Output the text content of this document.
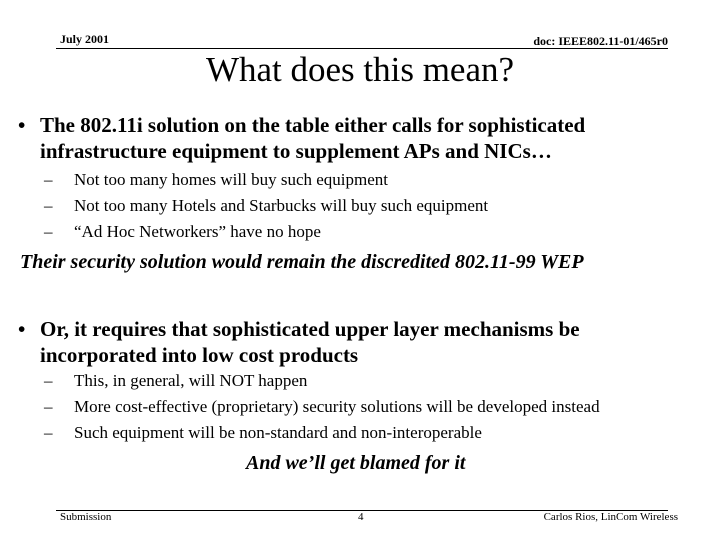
July 2001	doc: IEEE802.11-01/465r0
What does this mean?
• The 802.11i solution on the table either calls for sophisticated infrastructure equipment to supplement APs and NICs…
– Not too many homes will buy such equipment
– Not too many Hotels and Starbucks will buy such equipment
– “Ad Hoc Networkers” have no hope
Their security solution would remain the discredited 802.11-99 WEP
• Or, it requires that sophisticated upper layer mechanisms be incorporated into low cost products
– This, in general, will NOT happen
– More cost-effective (proprietary) security solutions will be developed instead
– Such equipment will be non-standard and non-interoperable
And we’ll get blamed for it
Submission	4	Carlos Rios, LinCom Wireless
